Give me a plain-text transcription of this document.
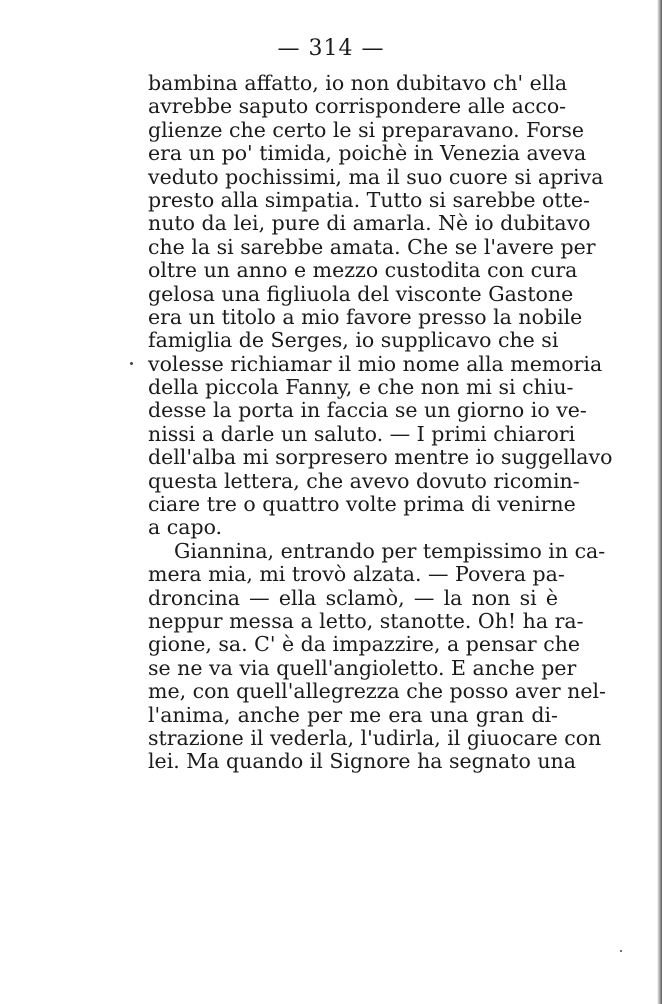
— 314 —
bambina affatto, io non dubitavo ch' ella
avrebbe saputo corrispondere alle acco-
glienze che certo le si preparavano. Forse
era un po' timida, poichè in Venezia aveva
veduto pochissimi, ma il suo cuore si apriva
presto alla simpatia. Tutto si sarebbe otte-
nuto da lei, pure di amarla. Nè io dubitavo
che la si sarebbe amata. Che se l'avere per
oltre un anno e mezzo custodita con cura
gelosa una figliuola del visconte Gastone
era un titolo a mio favore presso la nobile
famiglia de Serges, io supplicavo che si
volesse richiamar il mio nome alla memoria
della piccola Fanny, e che non mi si chiu-
desse la porta in faccia se un giorno io ve-
nissi a darle un saluto. — I primi chiarori
dell'alba mi sorpresero mentre io suggellavo
questa lettera, che avevo dovuto ricomin-
ciare tre o quattro volte prima di venirne
a capo.
Giannina, entrando per tempissimo in ca-
mera mia, mi trovò alzata. — Povera pa-
droncina — ella sclamò, — la non si è
neppur messa a letto, stanotte. Oh! ha ra-
gione, sa. C' è da impazzire, a pensar che
se ne va via quell'angioletto. E anche per
me, con quell'allegrezza che posso aver nel-
l'anima, anche per me era una gran di-
strazione il vederla, l'udirla, il giuocare con
lei. Ma quando il Signore ha segnato una
